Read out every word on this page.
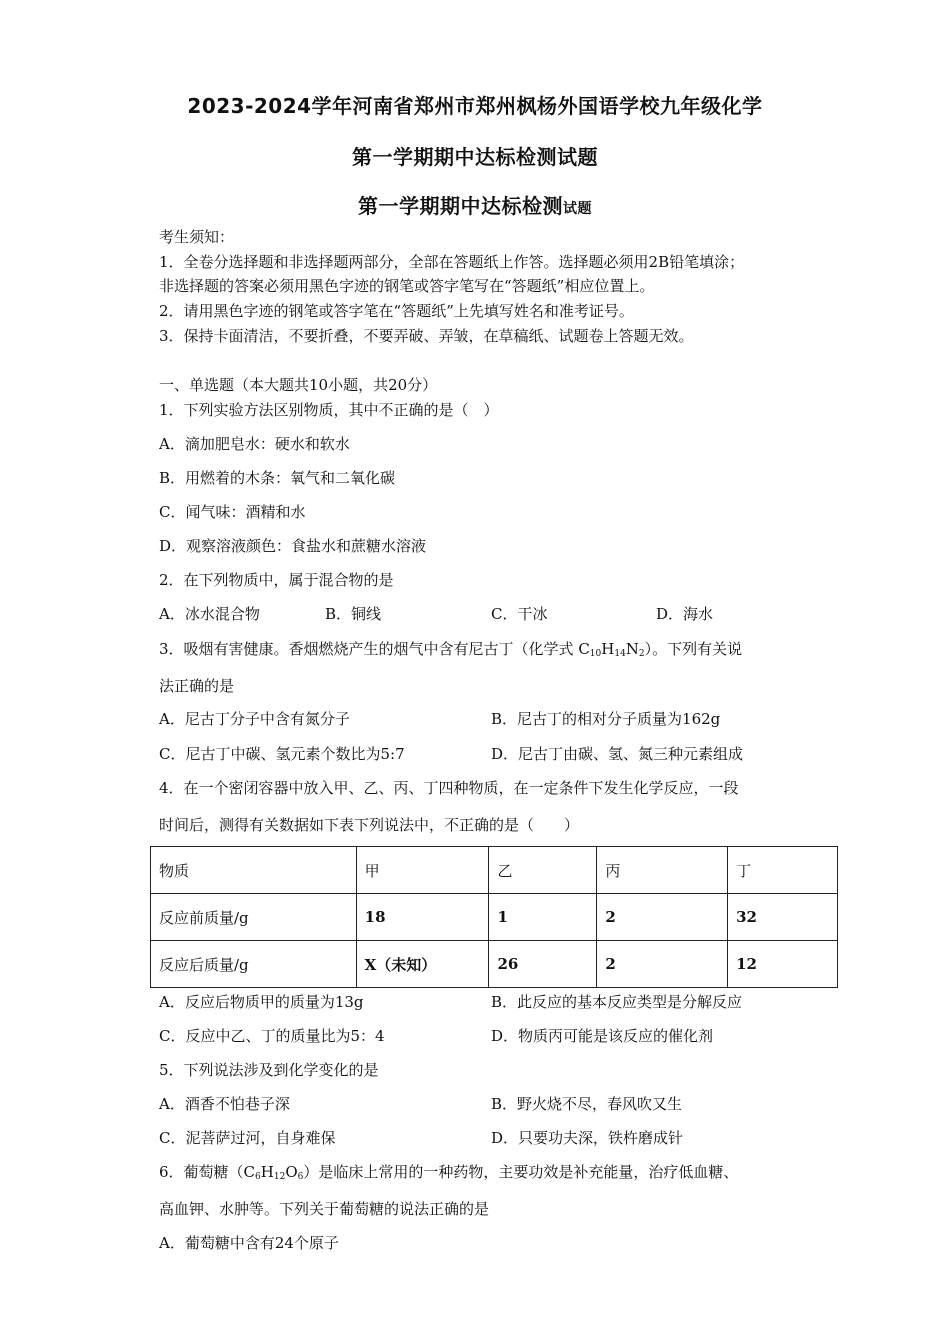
2023-2024学年河南省郑州市郑州枫杨外国语学校九年级化学
第一学期期中达标检测试题
第一学期期中达标检测试题
考生须知：
1．全卷分选择题和非选择题两部分，全部在答题纸上作答。选择题必须用2B铅笔填涂；
非选择题的答案必须用黑色字迹的钢笔或答字笔写在“答题纸”相应位置上。
2．请用黑色字迹的钢笔或答字笔在“答题纸”上先填写姓名和准考证号。
3．保持卡面清洁，不要折叠，不要弄破、弄皱，在草稿纸、试题卷上答题无效。
一、单选题（本大题共10小题，共20分）
1．下列实验方法区别物质，其中不正确的是（　）
A．滴加肥皂水：硬水和软水
B．用燃着的木条：氧气和二氧化碳
C．闻气味：酒精和水
D．观察溶液颜色：食盐水和蔗糖水溶液
2．在下列物质中，属于混合物的是
A．冰水混合物	B．铜线	C．干冰	D．海水
3．吸烟有害健康。香烟燃烧产生的烟气中含有尼古丁（化学式 $C_{10}H_{14}N_2$）。下列有关说
法正确的是
A．尼古丁分子中含有氮分子	B．尼古丁的相对分子质量为162g
C．尼古丁中碳、氢元素个数比为5:7	D．尼古丁由碳、氢、氮三种元素组成
4．在一个密闭容器中放入甲、乙、丙、丁四种物质，在一定条件下发生化学反应，一段
时间后，测得有关数据如下表下列说法中，不正确的是（　　）
物质	甲	乙	丙	丁
反应前质量/g	18	1	2	32
反应后质量/g	X（未知）	26	2	12
A．反应后物质甲的质量为13g	B．此反应的基本反应类型是分解反应
C．反应中乙、丁的质量比为5：4	D．物质丙可能是该反应的催化剂
5．下列说法涉及到化学变化的是
A．酒香不怕巷子深	B．野火烧不尽，春风吹又生
C．泥菩萨过河，自身难保	D．只要功夫深，铁杵磨成针
6．葡萄糖$(C_6H_{12}O_6)$是临床上常用的一种药物，主要功效是补充能量，治疗低血糖、
高血钾、水肿等。下列关于葡萄糖的说法正确的是
A．葡萄糖中含有24个原子
